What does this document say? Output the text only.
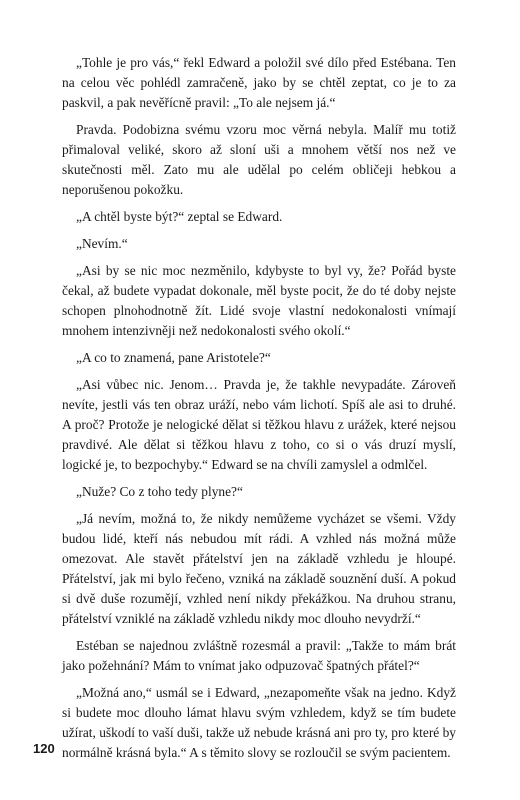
„Tohle je pro vás,“ řekl Edward a položil své dílo před Estébana. Ten na celou věc pohlédl zamračeně, jako by se chtěl zeptat, co je to za paskvil, a pak nevěřícně pravil: „To ale nejsem já.“

Pravda. Podobizna svému vzoru moc věrná nebyla. Malíř mu totiž přimaloval veliké, skoro až sloní uši a mnohem větší nos než ve skutečnosti měl. Zato mu ale udělal po celém obličeji hebkou a neporušenou pokožku.

„A chtěl byste být?“ zeptal se Edward.

„Nevím.“

„Asi by se nic moc nezměnilo, kdybyste to byl vy, že? Pořád byste čekal, až budete vypadat dokonale, měl byste pocit, že do té doby nejste schopen plnohodnotně žít. Lidé svoje vlastní nedokonalosti vnímají mnohem intenzivněji než nedokonalosti svého okolí.“

„A co to znamená, pane Aristotele?“

„Asi vůbec nic. Jenom… Pravda je, že takhle nevypadáte. Zároveň nevíte, jestli vás ten obraz uráží, nebo vám lichotí. Spíš ale asi to druhé. A proč? Protože je nelogické dělat si těžkou hlavu z urážek, které nejsou pravdivé. Ale dělat si těžkou hlavu z toho, co si o vás druzí myslí, logické je, to bezpochyby.“ Edward se na chvíli zamyslel a odmlčel.

„Nuže? Co z toho tedy plyne?“

„Já nevím, možná to, že nikdy nemůžeme vycházet se všemi. Vždy budou lidé, kteří nás nebudou mít rádi. A vzhled nás možná může omezovat. Ale stavět přátelství jen na základě vzhledu je hloupé. Přátelství, jak mi bylo řečeno, vzniká na základě souznění duší. A pokud si dvě duše rozumějí, vzhled není nikdy překážkou. Na druhou stranu, přátelství vzniklé na základě vzhledu nikdy moc dlouho nevydrží.“

Estéban se najednou zvláštně rozesmál a pravil: „Takže to mám brát jako požehnání? Mám to vnímat jako odpuzovač špatných přátel?“

„Možná ano,“ usmál se i Edward, „nezapomeňte však na jedno. Když si budete moc dlouho lámat hlavu svým vzhledem, když se tím budete užírat, uškodí to vaší duši, takže už nebude krásná ani pro ty, pro které by normálně krásná byla.“ A s těmito slovy se rozloučil se svým pacientem.

120
